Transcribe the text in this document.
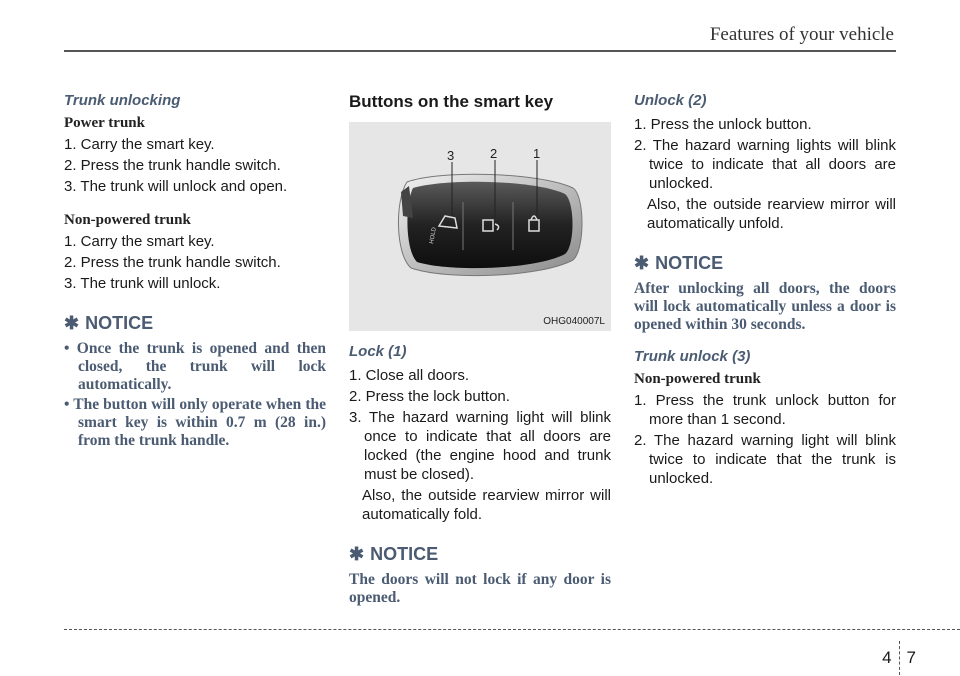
Features of your vehicle
Trunk unlocking
Power trunk
1. Carry the smart key.
2. Press the trunk handle switch.
3. The trunk will unlock and open.
Non-powered trunk
1. Carry the smart key.
2. Press the trunk handle switch.
3. The trunk will unlock.
✱ NOTICE
• Once the trunk is opened and then closed, the trunk will lock automatically.
• The button will only operate when the smart key is within 0.7 m (28 in.) from the trunk handle.
Buttons on the smart key
HOLD
3	2	1
OHG040007L
Lock (1)
1. Close all doors.
2. Press the lock button.
3. The hazard warning light will blink once to indicate that all doors are locked (the engine hood and trunk must be closed).
Also, the outside rearview mirror will automatically fold.
✱ NOTICE
The doors will not lock if any door is opened.
Unlock (2)
1. Press the unlock button.
2. The hazard warning lights will blink twice to indicate that all doors are unlocked.
Also, the outside rearview mirror will automatically unfold.
✱ NOTICE
After unlocking all doors, the doors will lock automatically unless a door is opened within 30 seconds.
Trunk unlock (3)
Non-powered trunk
1. Press the trunk unlock button for more than 1 second.
2. The hazard warning light will blink twice to indicate that the trunk is unlocked.
4 7
